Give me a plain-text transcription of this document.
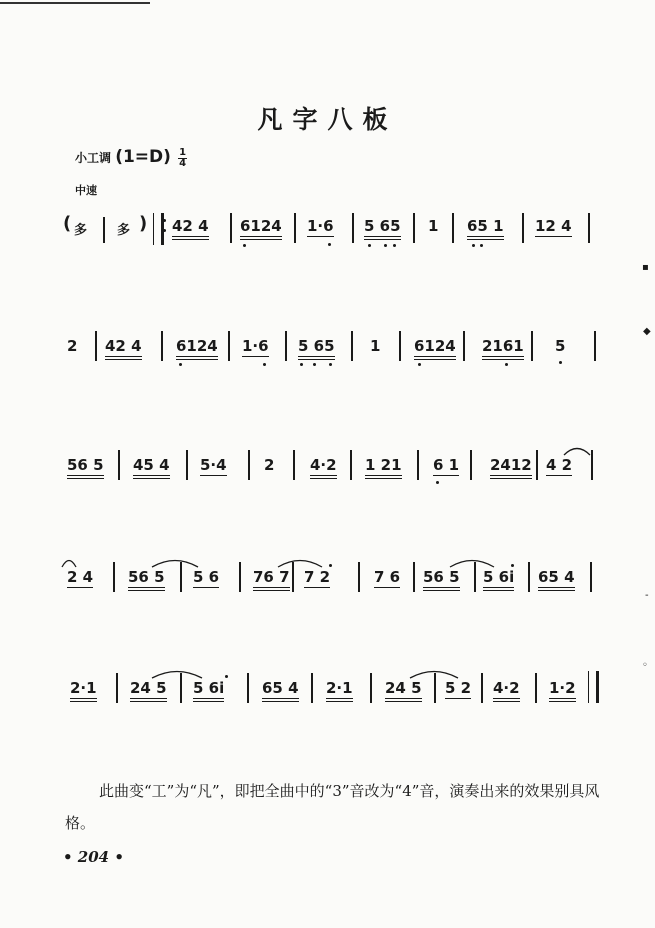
凡字八板
小工调 $(1=D) \frac{1}{4}$
中速
( 多 多 ) 42 4 6124 1·6 5 65 1 65 1 12 4
2 42 4 6124 1·6 5 65 1 6124 2161 5
56 5 45 4 5·4 2 4·2 1 21 6 1 2412 4 2
2 4 56 5 5 6 76 7 7 2	7 6 56 5 5 6i 65 4
2·1 24 5 5 6i	65 4 2·1 24 5 5 2 4·2 1·2
此曲变“工”为“凡”，即把全曲中的“3”音改为“4”音，演奏出来的效果别具风格。
• 204 •
▪
◆
-
◦
